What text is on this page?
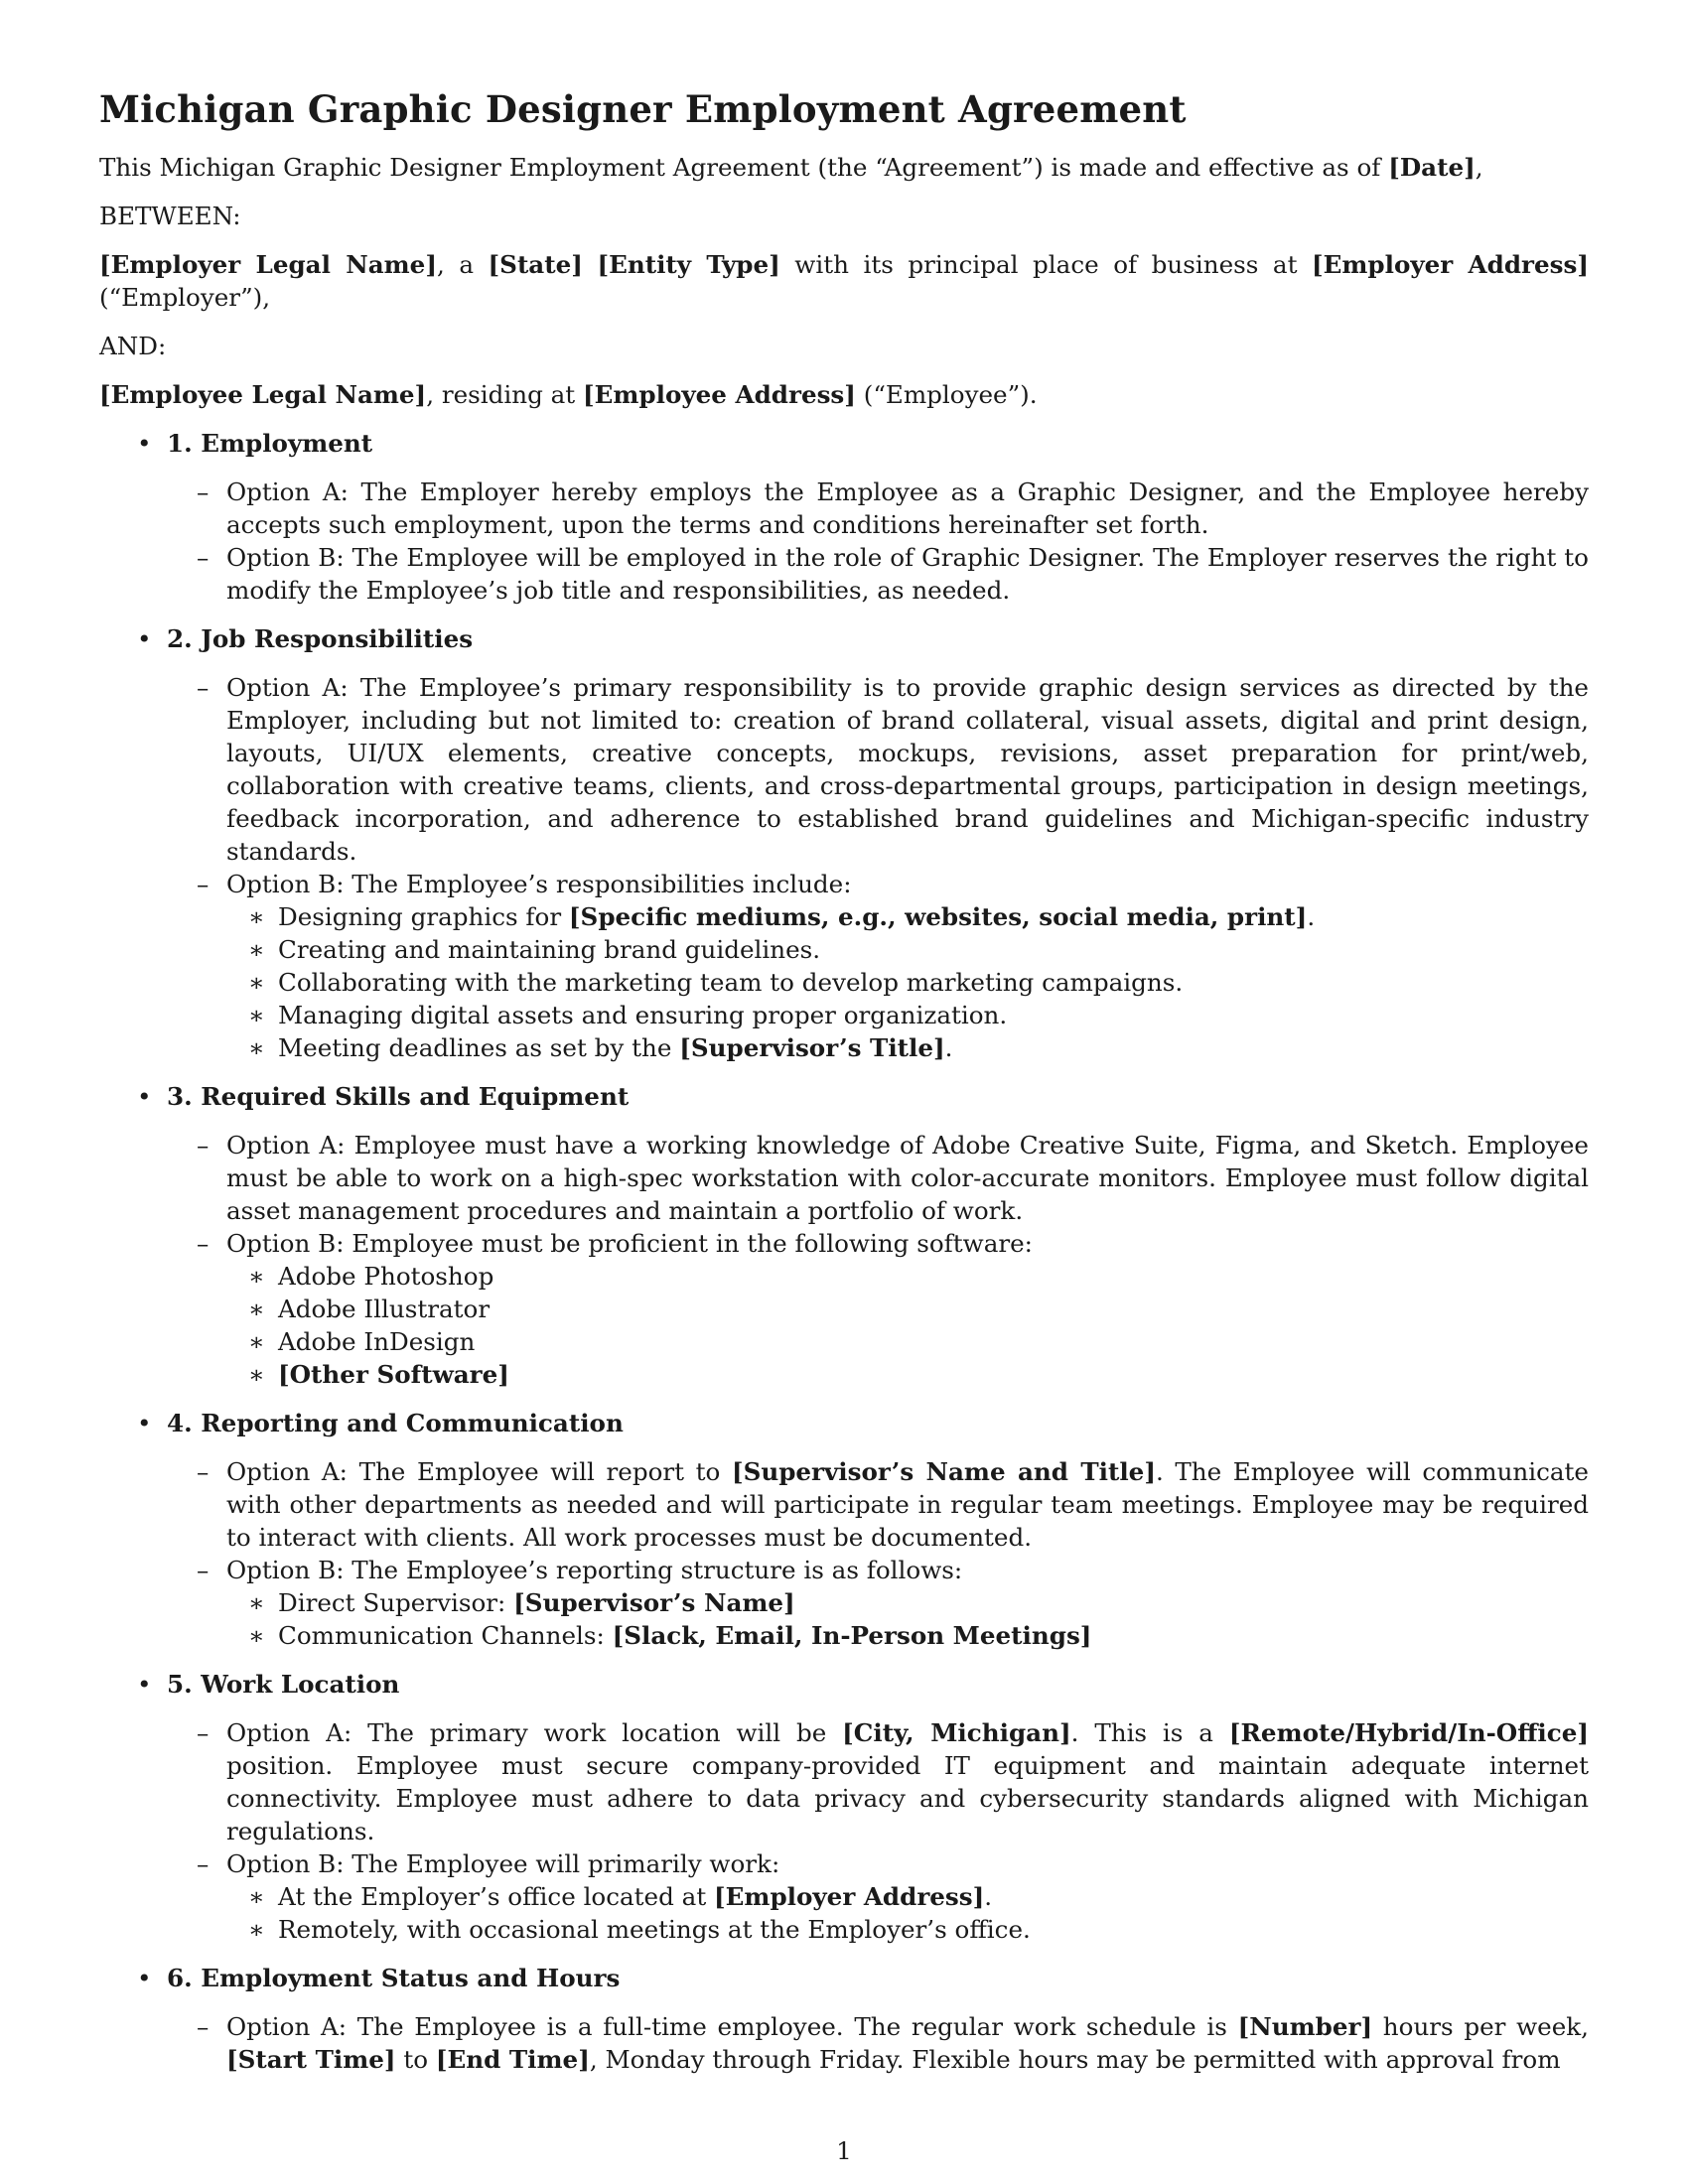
Michigan Graphic Designer Employment Agreement

This Michigan Graphic Designer Employment Agreement (the “Agreement”) is made and effective as of [Date],

BETWEEN:

[Employer Legal Name], a [State] [Entity Type] with its principal place of business at [Employer Address] (“Employer”),

AND:

[Employee Legal Name], residing at [Employee Address] (“Employee”).

• 1. Employment
– Option A: The Employer hereby employs the Employee as a Graphic Designer, and the Employee hereby accepts such employment, upon the terms and conditions hereinafter set forth.
– Option B: The Employee will be employed in the role of Graphic Designer. The Employer reserves the right to modify the Employee’s job title and responsibilities, as needed.
• 2. Job Responsibilities
– Option A: The Employee’s primary responsibility is to provide graphic design services as directed by the Employer, including but not limited to: creation of brand collateral, visual assets, digital and print design, layouts, UI/UX elements, creative concepts, mockups, revisions, asset preparation for print/web, collaboration with creative teams, clients, and cross-departmental groups, participation in design meetings, feedback incorporation, and adherence to established brand guidelines and Michigan-specific industry standards.
– Option B: The Employee’s responsibilities include:
∗ Designing graphics for [Specific mediums, e.g., websites, social media, print].
∗ Creating and maintaining brand guidelines.
∗ Collaborating with the marketing team to develop marketing campaigns.
∗ Managing digital assets and ensuring proper organization.
∗ Meeting deadlines as set by the [Supervisor’s Title].
• 3. Required Skills and Equipment
– Option A: Employee must have a working knowledge of Adobe Creative Suite, Figma, and Sketch. Employee must be able to work on a high-spec workstation with color-accurate monitors. Employee must follow digital asset management procedures and maintain a portfolio of work.
– Option B: Employee must be proficient in the following software:
∗ Adobe Photoshop
∗ Adobe Illustrator
∗ Adobe InDesign
∗ [Other Software]
• 4. Reporting and Communication
– Option A: The Employee will report to [Supervisor’s Name and Title]. The Employee will communicate with other departments as needed and will participate in regular team meetings. Employee may be required to interact with clients. All work processes must be documented.
– Option B: The Employee’s reporting structure is as follows:
∗ Direct Supervisor: [Supervisor’s Name]
∗ Communication Channels: [Slack, Email, In-Person Meetings]
• 5. Work Location
– Option A: The primary work location will be [City, Michigan]. This is a [Remote/Hybrid/In-Office] position. Employee must secure company-provided IT equipment and maintain adequate internet connectivity. Employee must adhere to data privacy and cybersecurity standards aligned with Michigan regulations.
– Option B: The Employee will primarily work:
∗ At the Employer’s office located at [Employer Address].
∗ Remotely, with occasional meetings at the Employer’s office.
• 6. Employment Status and Hours
– Option A: The Employee is a full-time employee. The regular work schedule is [Number] hours per week, [Start Time] to [End Time], Monday through Friday. Flexible hours may be permitted with approval from
1
